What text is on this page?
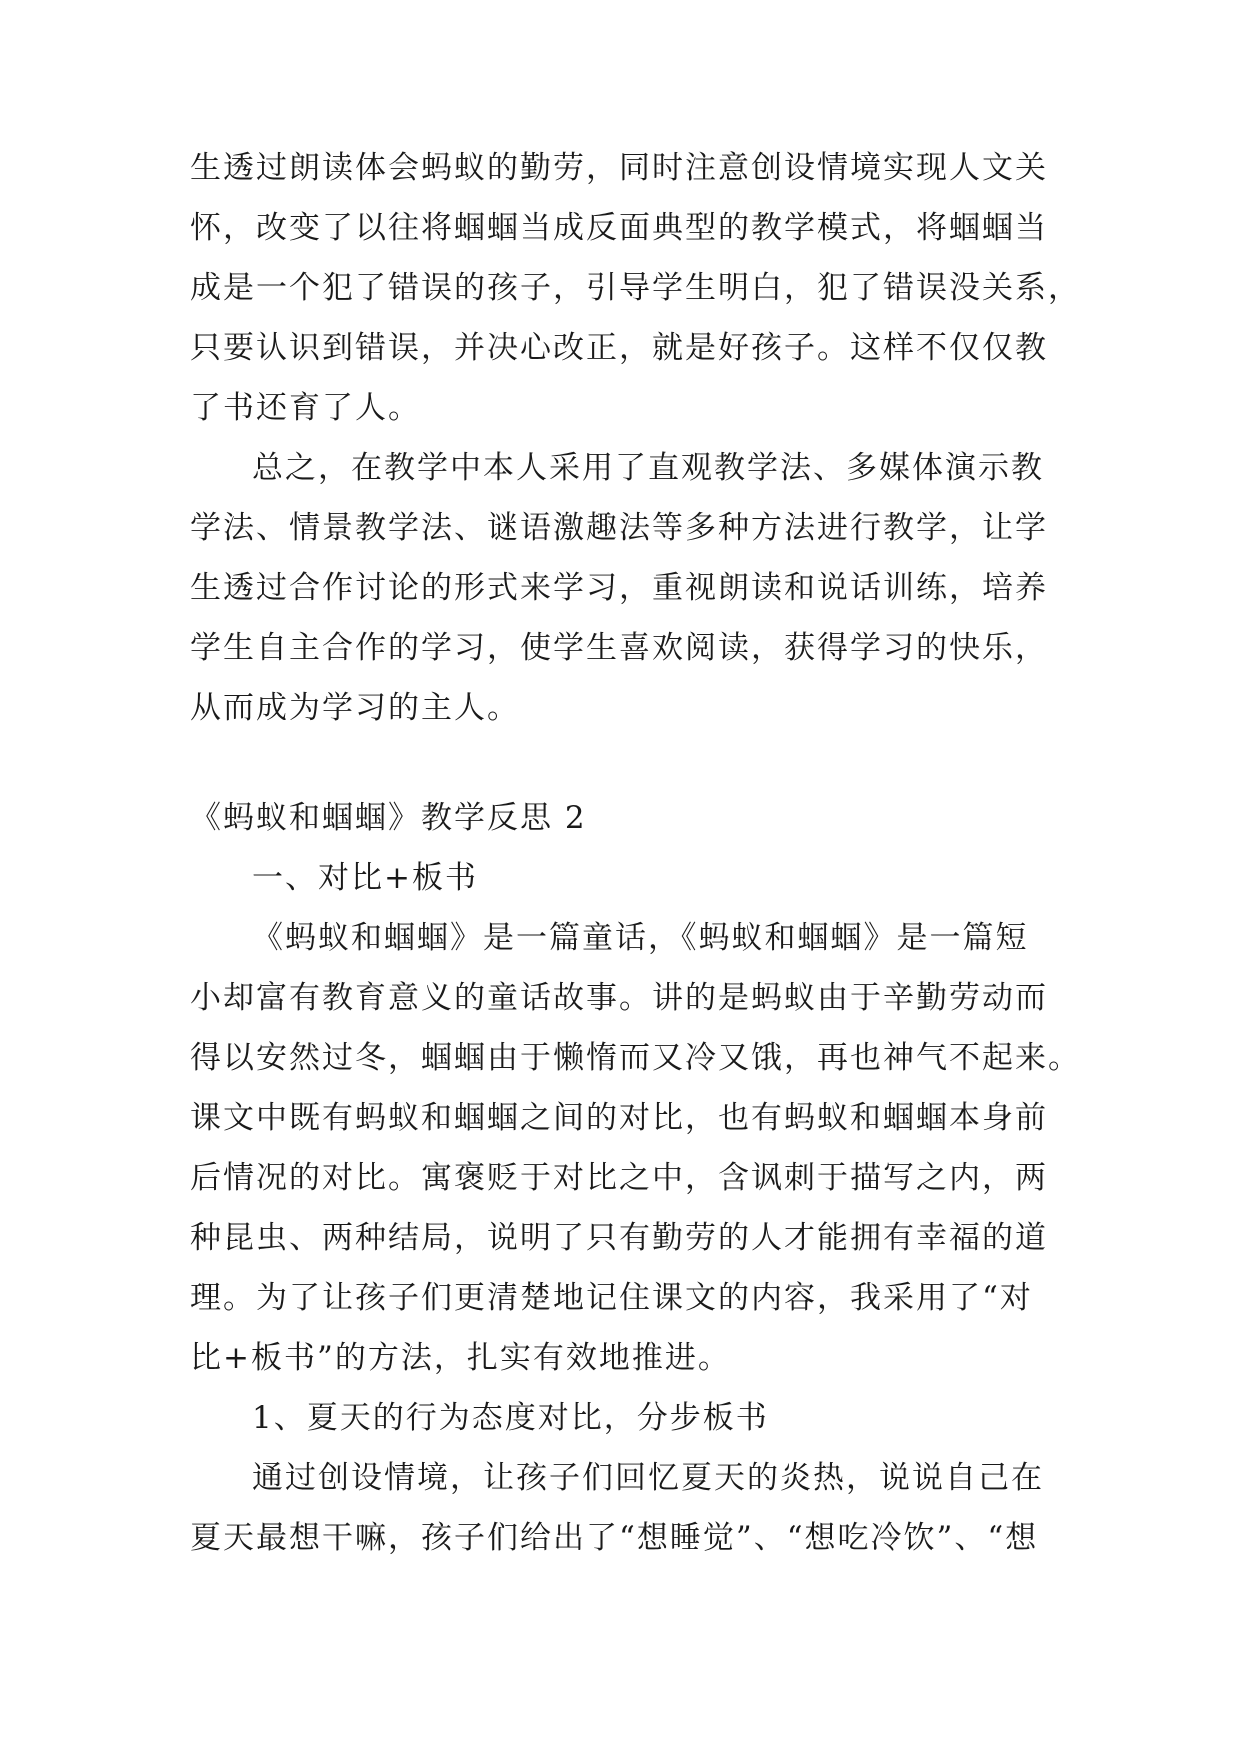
生透过朗读体会蚂蚁的勤劳，同时注意创设情境实现人文关
怀，改变了以往将蝈蝈当成反面典型的教学模式，将蝈蝈当
成是一个犯了错误的孩子，引导学生明白，犯了错误没关系，
只要认识到错误，并决心改正，就是好孩子。这样不仅仅教
了书还育了人。
总之，在教学中本人采用了直观教学法、多媒体演示教
学法、情景教学法、谜语激趣法等多种方法进行教学，让学
生透过合作讨论的形式来学习，重视朗读和说话训练，培养
学生自主合作的学习，使学生喜欢阅读，获得学习的快乐，
从而成为学习的主人。
《蚂蚁和蝈蝈》教学反思 2
一、对比+板书
《蚂蚁和蝈蝈》是一篇童话，《蚂蚁和蝈蝈》是一篇短
小却富有教育意义的童话故事。讲的是蚂蚁由于辛勤劳动而
得以安然过冬，蝈蝈由于懒惰而又冷又饿，再也神气不起来。
课文中既有蚂蚁和蝈蝈之间的对比，也有蚂蚁和蝈蝈本身前
后情况的对比。寓褒贬于对比之中，含讽刺于描写之内，两
种昆虫、两种结局，说明了只有勤劳的人才能拥有幸福的道
理。为了让孩子们更清楚地记住课文的内容，我采用了“对
比+板书”的方法，扎实有效地推进。
1、夏天的行为态度对比，分步板书
通过创设情境，让孩子们回忆夏天的炎热，说说自己在
夏天最想干嘛，孩子们给出了“想睡觉”、“想吃冷饮”、“想
